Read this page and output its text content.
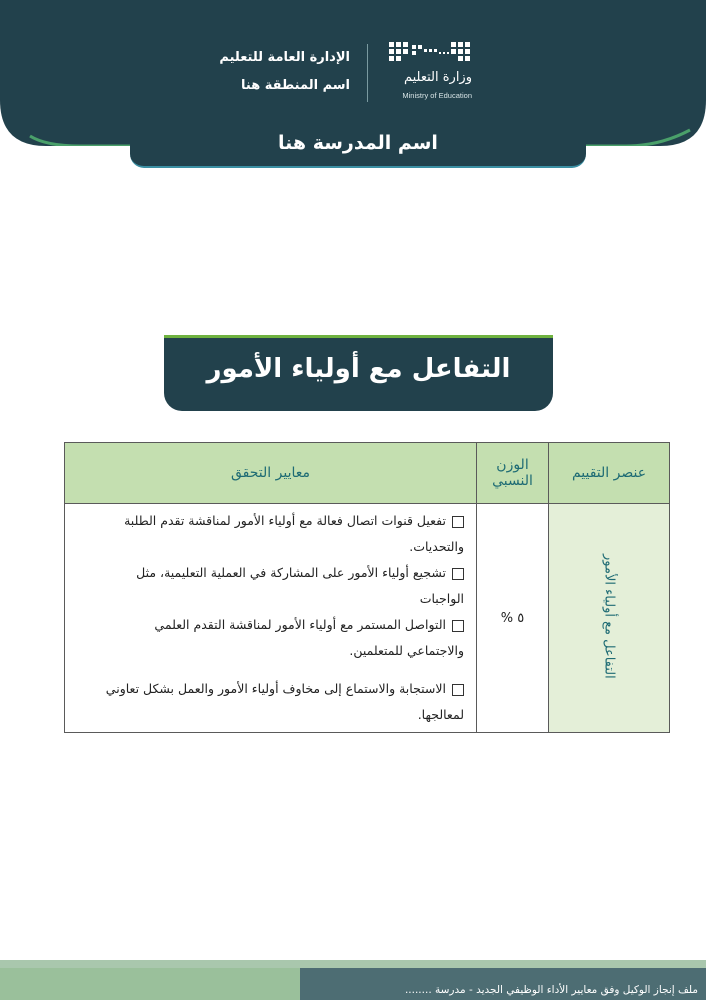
وزارة التعليم
Ministry of Education
الإدارة العامة للتعليم
اسم المنطقة هنا
اسم المدرسة هنا
التفاعل مع أولياء الأمور
عنصر التقييم	الوزن النسبي	معايير التحقق
التفاعل مع أولياء الأمور	٥ %	تفعيل قنوات اتصال فعالة مع أولياء الأمور لمناقشة تقدم الطلبة والتحديات.
تشجيع أولياء الأمور على المشاركة في العملية التعليمية، مثل الواجبات
التواصل المستمر مع أولياء الأمور لمناقشة التقدم العلمي والاجتماعي للمتعلمين.
الاستجابة والاستماع إلى مخاوف أولياء الأمور والعمل بشكل تعاوني لمعالجها.
ملف إنجاز الوكيل وفق معايير الأداء الوظيفي الجديد - مدرسة ........
